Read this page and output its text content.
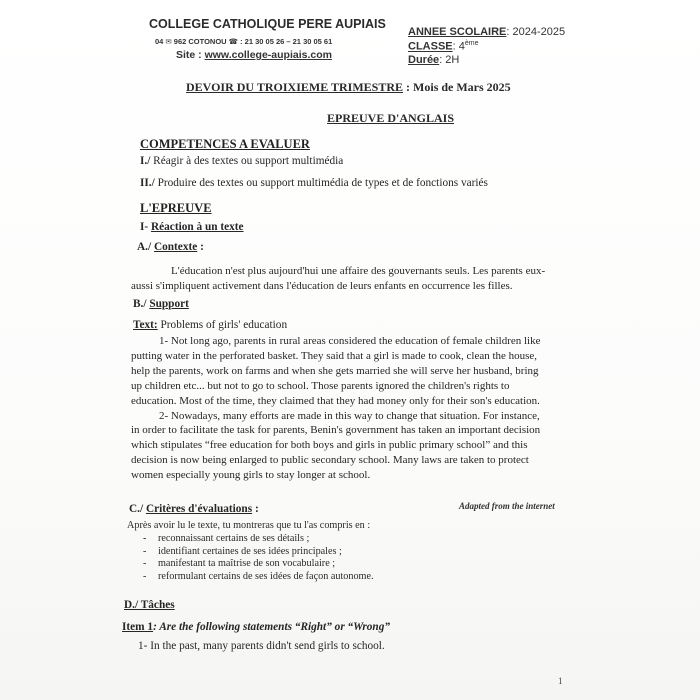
COLLEGE CATHOLIQUE PERE AUPIAIS
04 ✉ 962 COTONOU ☎ : 21 30 05 26 – 21 30 05 61
Site : www.college-aupiais.com
ANNEE SCOLAIRE: 2024-2025
CLASSE: 4ème
Durée: 2H
DEVOIR DU TROIXIEME TRIMESTRE : Mois de Mars 2025
EPREUVE D'ANGLAIS
COMPETENCES A EVALUER
I./ Réagir à des textes ou support multimédia
II./ Produire des textes ou support multimédia de types et de fonctions variés
L'EPREUVE
I- Réaction à un texte
A./ Contexte :
L'éducation n'est plus aujourd'hui une affaire des gouvernants seuls. Les parents eux-
aussi s'impliquent activement dans l'éducation de leurs enfants en occurrence les filles.
B./ Support
Text: Problems of girls' education
1- Not long ago, parents in rural areas considered the education of female children like
putting water in the perforated basket. They said that a girl is made to cook, clean the house,
help the parents, work on farms and when she gets married she will serve her husband, bring
up children etc... but not to go to school. Those parents ignored the children's rights to
education. Most of the time, they claimed that they had money only for their son's education.
2- Nowadays, many efforts are made in this way to change that situation. For instance,
in order to facilitate the task for parents, Benin's government has taken an important decision
which stipulates “free education for both boys and girls in public primary school” and this
decision is now being enlarged to public secondary school. Many laws are taken to protect
women especially young girls to stay longer at school.
Adapted from the internet
C./ Critères d'évaluations :
Après avoir lu le texte, tu montreras que tu l'as compris en :
- reconnaissant certains de ses détails ;
- identifiant certaines de ses idées principales ;
- manifestant ta maîtrise de son vocabulaire ;
- reformulant certains de ses idées de façon autonome.
D./ Tâches
Item 1: Are the following statements “Right” or “Wrong”
1- In the past, many parents didn't send girls to school.
1
